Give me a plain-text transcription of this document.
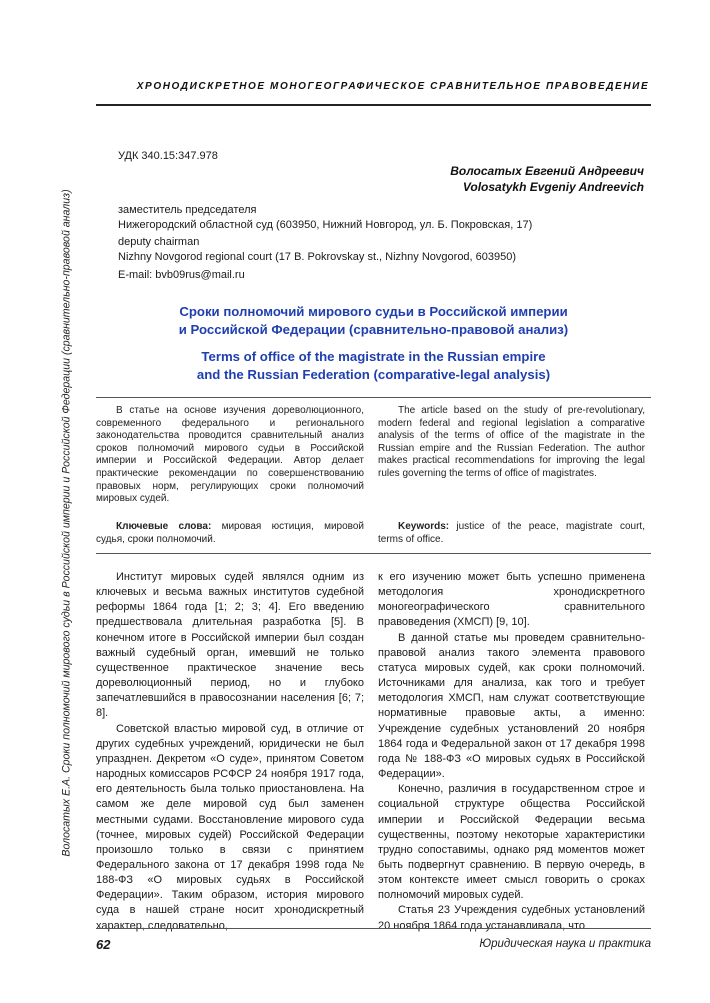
ХРОНОДИСКРЕТНОЕ МОНОГЕОГРАФИЧЕСКОЕ СРАВНИТЕЛЬНОЕ ПРАВОВЕДЕНИЕ
Волосатых Е.А. Сроки полномочий мирового судьи в Российской империи и Российской Федерации (сравнительно-правовой анализ)
УДК 340.15:347.978
Волосатых Евгений Андреевич
Volosatykh Evgeniy Andreevich
заместитель председателя
Нижегородский областной суд (603950, Нижний Новгород, ул. Б. Покровская, 17)
deputy chairman
Nizhny Novgorod regional court (17 B. Pokrovskay st., Nizhny Novgorod, 603950)
E-mail: bvb09rus@mail.ru
Сроки полномочий мирового судьи в Российской империи
и Российской Федерации (сравнительно-правовой анализ)
Terms of office of the magistrate in the Russian empire
and the Russian Federation (comparative-legal analysis)
В статье на основе изучения дореволюционного, современного федерального и регионального законодательства проводится сравнительный анализ сроков полномочий мирового судьи в Российской империи и Российской Федерации. Автор делает практические рекомендации по совершенствованию правовых норм, регулирующих сроки полномочий мировых судей.
The article based on the study of pre-revolutionary, modern federal and regional legislation a comparative analysis of the terms of office of the magistrate in the Russian empire and the Russian Federation. The author makes practical recommendations for improving the legal rules governing the terms of office of magistrates.
Ключевые слова: мировая юстиция, мировой судья, сроки полномочий.
Keywords: justice of the peace, magistrate court, terms of office.

Институт мировых судей являлся одним из ключевых и весьма важных институтов судебной реформы 1864 года [1; 2; 3; 4]. Его введению предшествовала длительная разработка [5]. В конечном итоге в Российской империи был создан важный судебный орган, имевший не только существенное практическое значение весь дореволюционный период, но и глубоко запечатлевшийся в правосознании населения [6; 7; 8].

Советской властью мировой суд, в отличие от других судебных учреждений, юридически не был упразднен. Декретом «О суде», принятом Советом народных комиссаров РСФСР 24 ноября 1917 года, его деятельность была только приостановлена. На самом же деле мировой суд был заменен местными судами. Восстановление мирового суда (точнее, мировых судей) Российской Федерации произошло только в связи с принятием Федерального закона от 17 декабря 1998 года № 188-ФЗ «О мировых судьях в Российской Федерации». Таким образом, история мирового суда в нашей стране носит хронодискретный характер, следовательно,

к его изучению может быть успешно применена методология хронодискретного моногеографического сравнительного правоведения (ХМСП) [9, 10].

В данной статье мы проведем сравнительно-правовой анализ такого элемента правового статуса мировых судей, как сроки полномочий. Источниками для анализа, как того и требует методология ХМСП, нам служат соответствующие нормативные правовые акты, а именно: Учреждение судебных установлений 20 ноября 1864 года и Федеральной закон от 17 декабря 1998 года № 188-ФЗ «О мировых судьях в Российской Федерации».

Конечно, различия в государственном строе и социальной структуре общества Российской империи и Российской Федерации весьма существенны, поэтому некоторые характеристики трудно сопоставимы, однако ряд моментов может быть подвергнут сравнению. В первую очередь, в этом контексте имеет смысл говорить о сроках полномочий мировых судей.

Статья 23 Учреждения судебных установлений 20 ноября 1864 года устанавливала, что

62	Юридическая наука и практика
